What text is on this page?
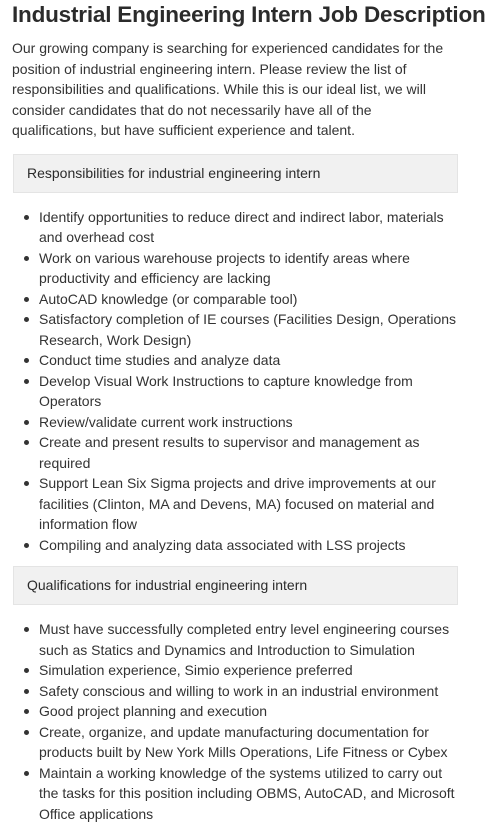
Industrial Engineering Intern Job Description

Our growing company is searching for experienced candidates for the position of industrial engineering intern. Please review the list of responsibilities and qualifications. While this is our ideal list, we will consider candidates that do not necessarily have all of the qualifications, but have sufficient experience and talent.

Responsibilities for industrial engineering intern
Identify opportunities to reduce direct and indirect labor, materials and overhead cost
Work on various warehouse projects to identify areas where productivity and efficiency are lacking
AutoCAD knowledge (or comparable tool)
Satisfactory completion of IE courses (Facilities Design, Operations Research, Work Design)
Conduct time studies and analyze data
Develop Visual Work Instructions to capture knowledge from Operators
Review/validate current work instructions
Create and present results to supervisor and management as required
Support Lean Six Sigma projects and drive improvements at our facilities (Clinton, MA and Devens, MA) focused on material and information flow
Compiling and analyzing data associated with LSS projects
Qualifications for industrial engineering intern
Must have successfully completed entry level engineering courses such as Statics and Dynamics and Introduction to Simulation
Simulation experience, Simio experience preferred
Safety conscious and willing to work in an industrial environment
Good project planning and execution
Create, organize, and update manufacturing documentation for products built by New York Mills Operations, Life Fitness or Cybex
Maintain a working knowledge of the systems utilized to carry out the tasks for this position including OBMS, AutoCAD, and Microsoft Office applications
